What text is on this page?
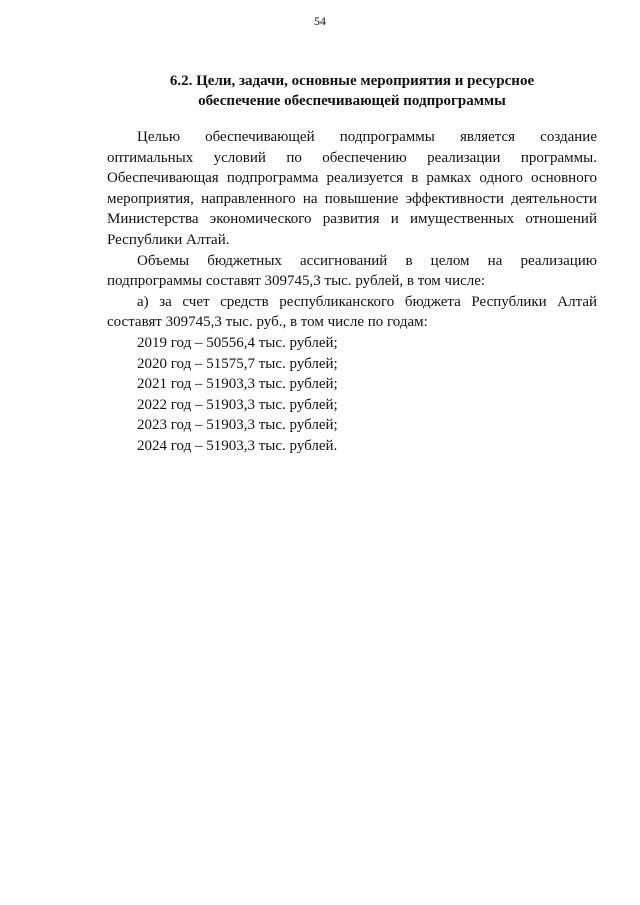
54
6.2. Цели, задачи, основные мероприятия и ресурсное
обеспечение обеспечивающей подпрограммы

Целью обеспечивающей подпрограммы является создание оптимальных условий по обеспечению реализации программы. Обеспечивающая подпрограмма реализуется в рамках одного основного мероприятия, направленного на повышение эффективности деятельности Министерства экономического развития и имущественных отношений Республики Алтай.

Объемы бюджетных ассигнований в целом на реализацию подпрограммы составят 309745,3 тыс. рублей, в том числе:

а) за счет средств республиканского бюджета Республики Алтай составят 309745,3 тыс. руб., в том числе по годам:

2019 год – 50556,4 тыс. рублей;

2020 год – 51575,7 тыс. рублей;

2021 год – 51903,3 тыс. рублей;

2022 год – 51903,3 тыс. рублей;

2023 год – 51903,3 тыс. рублей;

2024 год – 51903,3 тыс. рублей.
